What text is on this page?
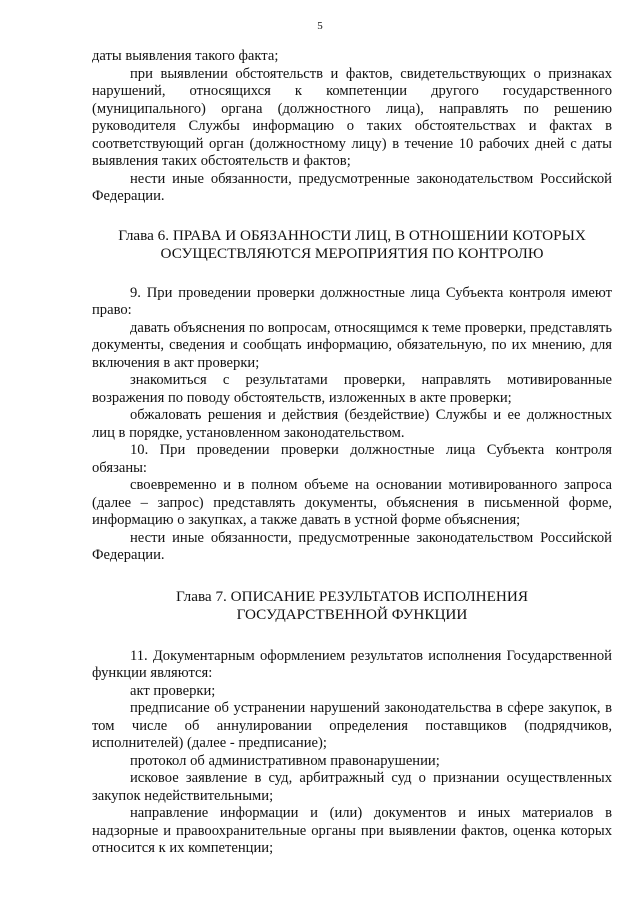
5

даты выявления такого факта;

при выявлении обстоятельств и фактов, свидетельствующих о признаках нарушений, относящихся к компетенции другого государственного (муниципального) органа (должностного лица), направлять по решению руководителя Службы информацию о таких обстоятельствах и фактах в соответствующий орган (должностному лицу) в течение 10 рабочих дней с даты выявления таких обстоятельств и фактов;

нести иные обязанности, предусмотренные законодательством Российской Федерации.

Глава 6. ПРАВА И ОБЯЗАННОСТИ ЛИЦ, В ОТНОШЕНИИ КОТОРЫХ
ОСУЩЕСТВЛЯЮТСЯ МЕРОПРИЯТИЯ ПО КОНТРОЛЮ

9. При проведении проверки должностные лица Субъекта контроля имеют право:

давать объяснения по вопросам, относящимся к теме проверки, представлять документы, сведения и сообщать информацию, обязательную, по их мнению, для включения в акт проверки;

знакомиться с результатами проверки, направлять мотивированные возражения по поводу обстоятельств, изложенных в акте проверки;

обжаловать решения и действия (бездействие) Службы и ее должностных лиц в порядке, установленном законодательством.

10. При проведении проверки должностные лица Субъекта контроля обязаны:

своевременно и в полном объеме на основании мотивированного запроса (далее – запрос) представлять документы, объяснения в письменной форме, информацию о закупках, а также давать в устной форме объяснения;

нести иные обязанности, предусмотренные законодательством Российской Федерации.

Глава 7. ОПИСАНИЕ РЕЗУЛЬТАТОВ ИСПОЛНЕНИЯ
ГОСУДАРСТВЕННОЙ ФУНКЦИИ

11. Документарным оформлением результатов исполнения Государственной функции являются:

акт проверки;

предписание об устранении нарушений законодательства в сфере закупок, в том числе об аннулировании определения поставщиков (подрядчиков, исполнителей) (далее - предписание);

протокол об административном правонарушении;

исковое заявление в суд, арбитражный суд о признании осуществленных закупок недействительными;

направление информации и (или) документов и иных материалов в надзорные и правоохранительные органы при выявлении фактов, оценка которых относится к их компетенции;
